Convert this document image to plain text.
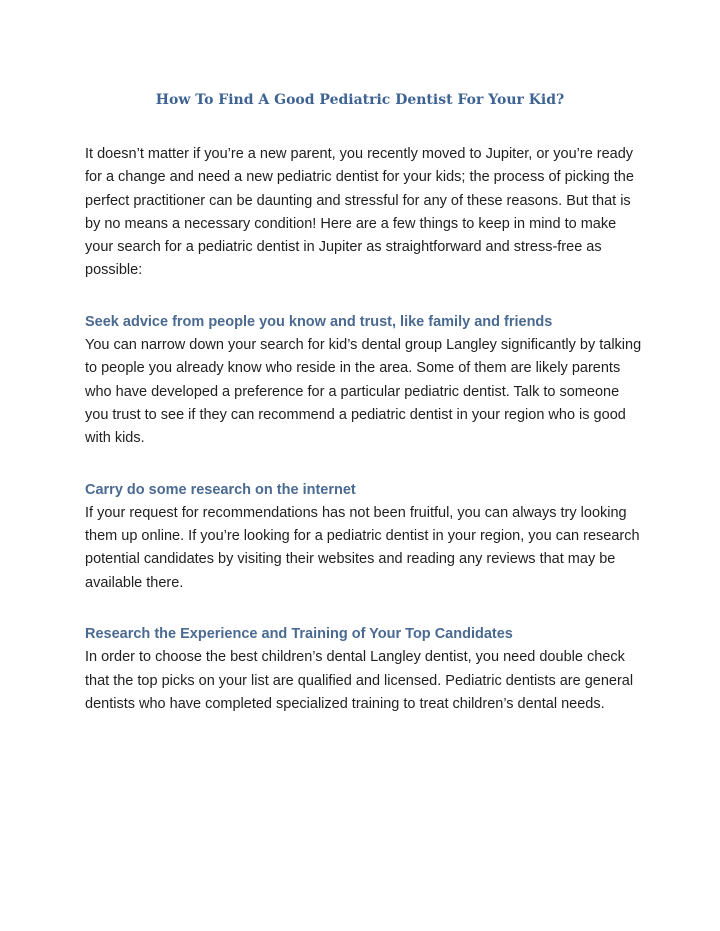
How To Find A Good Pediatric Dentist For Your Kid?

It doesn’t matter if you’re a new parent, you recently moved to Jupiter, or you’re ready for a change and need a new pediatric dentist for your kids; the process of picking the perfect practitioner can be daunting and stressful for any of these reasons. But that is by no means a necessary condition! Here are a few things to keep in mind to make your search for a pediatric dentist in Jupiter as straightforward and stress-free as possible:

Seek advice from people you know and trust, like family and friends

You can narrow down your search for kid’s dental group Langley significantly by talking to people you already know who reside in the area. Some of them are likely parents who have developed a preference for a particular pediatric dentist. Talk to someone you trust to see if they can recommend a pediatric dentist in your region who is good with kids.

Carry do some research on the internet

If your request for recommendations has not been fruitful, you can always try looking them up online. If you’re looking for a pediatric dentist in your region, you can research potential candidates by visiting their websites and reading any reviews that may be available there.

Research the Experience and Training of Your Top Candidates

In order to choose the best children’s dental Langley dentist, you need double check that the top picks on your list are qualified and licensed. Pediatric dentists are general dentists who have completed specialized training to treat children’s dental needs.
